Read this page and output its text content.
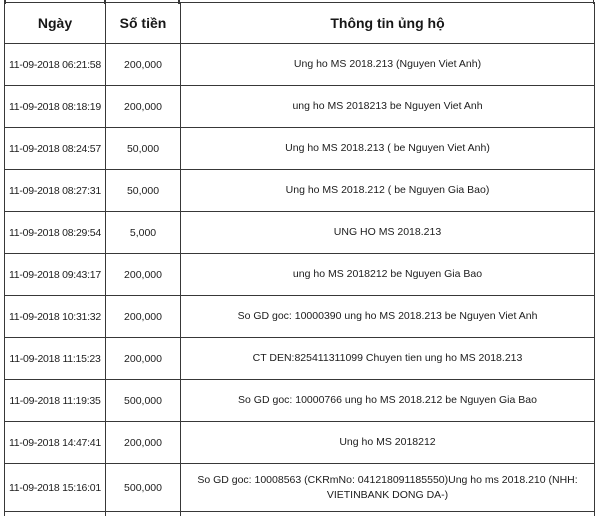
Ngày	Số tiền	Thông tin ủng hộ
11-09-2018 06:21:58	200,000	Ung ho MS 2018.213 (Nguyen Viet Anh)
11-09-2018 08:18:19	200,000	ung ho MS 2018213 be Nguyen Viet Anh
11-09-2018 08:24:57	50,000	Ung ho MS 2018.213 ( be Nguyen Viet Anh)
11-09-2018 08:27:31	50,000	Ung ho MS 2018.212 ( be Nguyen Gia Bao)
11-09-2018 08:29:54	5,000	UNG HO MS 2018.213
11-09-2018 09:43:17	200,000	ung ho MS 2018212 be Nguyen Gia Bao
11-09-2018 10:31:32	200,000	So GD goc: 10000390 ung ho MS 2018.213 be Nguyen Viet Anh
11-09-2018 11:15:23	200,000	CT DEN:825411311099 Chuyen tien ung ho MS 2018.213
11-09-2018 11:19:35	500,000	So GD goc: 10000766 ung ho MS 2018.212 be Nguyen Gia Bao
11-09-2018 14:47:41	200,000	Ung ho MS 2018212
11-09-2018 15:16:01	500,000	So GD goc: 10008563 (CKRmNo: 041218091185550)Ung ho ms 2018.210 (NHH: VIETINBANK DONG DA-)
